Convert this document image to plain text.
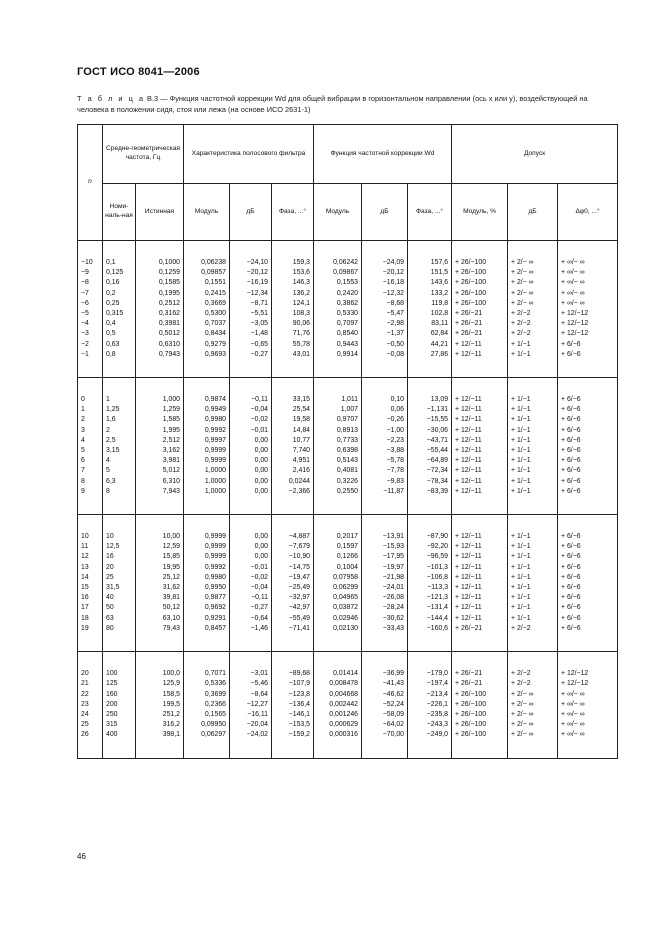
ГОСТ ИСО 8041—2006
Т а б л и ц а В.3 — Функция частотной коррекции Wd для общей вибрации в горизонтальном направлении (ось x или y), воздействующей на человека в положении сидя, стоя или лежа (на основе ИСО 2631-1)
n	Средне-геометрическая частота, Гц		Характеристика полосового фильтра			Функция частотной коррекции Wd			Допуск		
	Номи-наль-ная	Истинная	Модуль	дБ	Фаза, ...°	Модуль	дБ	Фаза, ...°	Модуль, %	дБ	Δφ0, ...°

−10	0,1	0,1000	0,06238	−24,10	159,3	0,06242	−24,09	157,6	+ 26/−100	+ 2/− ∞	+ ∞/− ∞
−9	0,125	0,1259	0,09857	−20,12	153,6	0,09867	−20,12	151,5	+ 26/−100	+ 2/− ∞	+ ∞/− ∞
−8	0,16	0,1585	0,1551	−16,19	146,3	0,1553	−16,18	143,6	+ 26/−100	+ 2/− ∞	+ ∞/− ∞
−7	0,2	0,1995	0,2415	−12,34	136,2	0,2420	−12,32	133,2	+ 26/−100	+ 2/− ∞	+ ∞/− ∞
−6	0,25	0,2512	0,3669	−8,71	124,1	0,3862	−8,68	119,8	+ 26/−100	+ 2/− ∞	+ ∞/− ∞
−5	0,315	0,3162	0,5300	−5,51	108,3	0,5330	−5,47	102,8	+ 26/−21	+ 2/−2	+ 12/−12
−4	0,4	0,3981	0,7037	−3,05	90,06	0,7097	−2,98	83,11	+ 26/−21	+ 2/−2	+ 12/−12
−3	0,5	0,5012	0,8434	−1,48	71,76	0,8540	−1,37	62,84	+ 26/−21	+ 2/−2	+ 12/−12
−2	0,63	0,6310	0,9279	−0,65	55,78	0,9443	−0,50	44,21	+ 12/−11	+ 1/−1	+ 6/−6
−1	0,8	0,7943	0,9693	−0,27	43,01	0,9914	−0,08	27,86	+ 12/−11	+ 1/−1	+ 6/−6

0	1	1,000	0,9874	−0,11	33,15	1,011	0,10	13,09	+ 12/−11	+ 1/−1	+ 6/−6
1	1,25	1,259	0,9949	−0,04	25,54	1,007	0,06	−1,131	+ 12/−11	+ 1/−1	+ 6/−6
2	1,6	1,585	0,9980	−0,02	19,58	0,9707	−0,26	−15,55	+ 12/−11	+ 1/−1	+ 6/−6
3	2	1,995	0,9992	−0,01	14,84	0,8913	−1,00	−30,06	+ 12/−11	+ 1/−1	+ 6/−6
4	2,5	2,512	0,9997	0,00	10,77	0,7733	−2,23	−43,71	+ 12/−11	+ 1/−1	+ 6/−6
5	3,15	3,162	0,9999	0,00	7,740	0,6398	−3,88	−55,44	+ 12/−11	+ 1/−1	+ 6/−6
6	4	3,981	0,9999	0,00	4,951	0,5143	−5,78	−64,89	+ 12/−11	+ 1/−1	+ 6/−6
7	5	5,012	1,0000	0,00	2,416	0,4081	−7,78	−72,34	+ 12/−11	+ 1/−1	+ 6/−6
8	6,3	6,310	1,0000	0,00	0,0244	0,3226	−9,83	−78,34	+ 12/−11	+ 1/−1	+ 6/−6
9	8	7,943	1,0000	0,00	−2,366	0,2550	−11,87	−83,39	+ 12/−11	+ 1/−1	+ 6/−6

10	10	10,00	0,9999	0,00	−4,887	0,2017	−13,91	−87,90	+ 12/−11	+ 1/−1	+ 6/−6
11	12,5	12,59	0,9999	0,00	−7,679	0,1597	−15,93	−92,20	+ 12/−11	+ 1/−1	+ 6/−6
12	16	15,85	0,9999	0,00	−10,90	0,1266	−17,95	−96,59	+ 12/−11	+ 1/−1	+ 6/−6
13	20	19,95	0,9992	−0,01	−14,75	0,1004	−19,97	−101,3	+ 12/−11	+ 1/−1	+ 6/−6
14	25	25,12	0,9980	−0,02	−19,47	0,07958	−21,98	−106,8	+ 12/−11	+ 1/−1	+ 6/−6
15	31,5	31,62	0,9950	−0,04	−25,49	0,06299	−24,01	−113,3	+ 12/−11	+ 1/−1	+ 6/−6
16	40	39,81	0,9877	−0,11	−32,97	0,04965	−26,08	−121,3	+ 12/−11	+ 1/−1	+ 6/−6
17	50	50,12	0,9692	−0,27	−42,97	0,03872	−28,24	−131,4	+ 12/−11	+ 1/−1	+ 6/−6
18	63	63,10	0,9291	−0,64	−55,49	0,02946	−30,62	−144,4	+ 12/−11	+ 1/−1	+ 6/−6
19	80	79,43	0,8457	−1,46	−71,41	0,02130	−33,43	−160,6	+ 26/−21	+ 2/−2	+ 6/−6

20	100	100,0	0,7071	−3,01	−89,68	0,01414	−36,99	−179,0	+ 26/−21	+ 2/−2	+ 12/−12
21	125	125,9	0,5336	−5,46	−107,9	0,008478	−41,43	−197,4	+ 26/−21	+ 2/−2	+ 12/−12
22	160	158,5	0,3699	−8,64	−123,8	0,004668	−46,62	−213,4	+ 26/−100	+ 2/− ∞	+ ∞/− ∞
23	200	199,5	0,2366	−12,27	−136,4	0,002442	−52,24	−226,1	+ 26/−100	+ 2/− ∞	+ ∞/− ∞
24	250	251,2	0,1565	−16,11	−146,1	0,001246	−58,09	−235,8	+ 26/−100	+ 2/− ∞	+ ∞/− ∞
25	315	316,2	0,09950	−20,04	−153,5	0,000629	−64,02	−243,3	+ 26/−100	+ 2/− ∞	+ ∞/− ∞
26	400	398,1	0,06297	−24,02	−159,2	0,000316	−70,00	−249,0	+ 26/−100	+ 2/− ∞	+ ∞/− ∞

46
